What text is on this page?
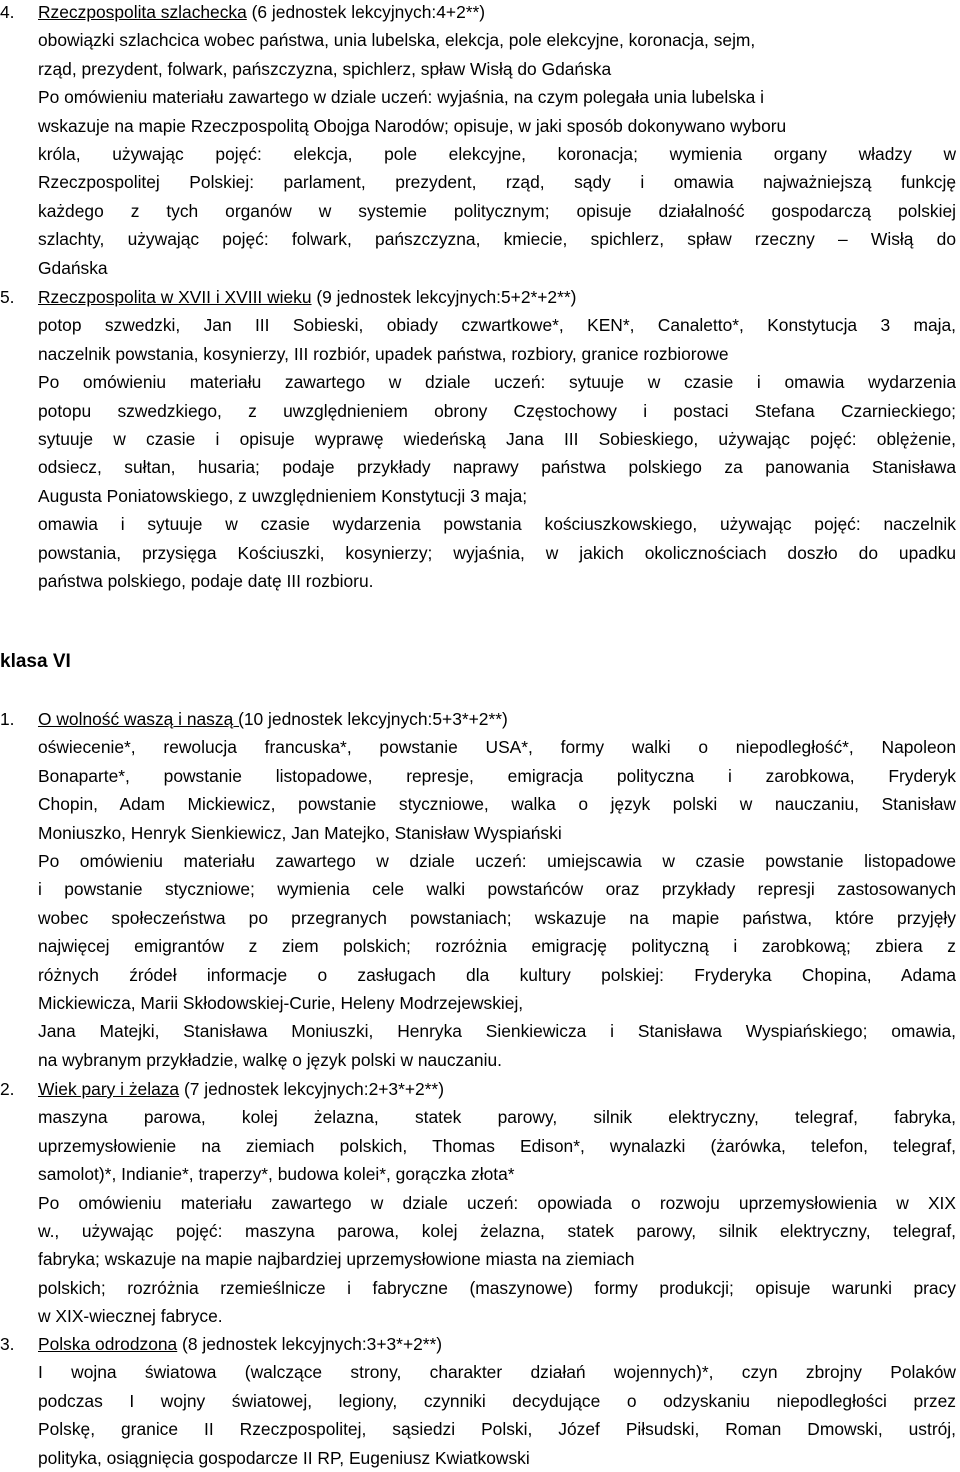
4. Rzeczpospolita szlachecka (6 jednostek lekcyjnych:4+2**)
obowiązki szlachcica wobec państwa, unia lubelska, elekcja, pole elekcyjne, koronacja, sejm,
rząd, prezydent, folwark, pańszczyzna, spichlerz, spław Wisłą do Gdańska
Po omówieniu materiału zawartego w dziale uczeń: wyjaśnia, na czym polegała unia lubelska i
wskazuje na mapie Rzeczpospolitą Obojga Narodów; opisuje, w jaki sposób dokonywano wyboru
króla, używając pojęć: elekcja, pole elekcyjne, koronacja; wymienia organy władzy w
Rzeczpospolitej Polskiej: parlament, prezydent, rząd, sądy i omawia najważniejszą funkcję
każdego z tych organów w systemie politycznym; opisuje działalność gospodarczą polskiej
szlachty, używając pojęć: folwark, pańszczyzna, kmiecie, spichlerz, spław rzeczny – Wisłą do
Gdańska
5. Rzeczpospolita w XVII i XVIII wieku (9 jednostek lekcyjnych:5+2*+2**)
potop szwedzki, Jan III Sobieski, obiady czwartkowe*, KEN*, Canaletto*, Konstytucja 3 maja,
naczelnik powstania, kosynierzy, III rozbiór, upadek państwa, rozbiory, granice rozbiorowe
Po omówieniu materiału zawartego w dziale uczeń: sytuuje w czasie i omawia wydarzenia
potopu szwedzkiego, z uwzględnieniem obrony Częstochowy i postaci Stefana Czarnieckiego;
sytuuje w czasie i opisuje wyprawę wiedeńską Jana III Sobieskiego, używając pojęć: oblężenie,
odsiecz, sułtan, husaria; podaje przykłady naprawy państwa polskiego za panowania Stanisława
Augusta Poniatowskiego, z uwzględnieniem Konstytucji 3 maja;
omawia i sytuuje w czasie wydarzenia powstania kościuszkowskiego, używając pojęć: naczelnik
powstania, przysięga Kościuszki, kosynierzy; wyjaśnia, w jakich okolicznościach doszło do upadku
państwa polskiego, podaje datę III rozbioru.
klasa VI
1. O wolność waszą i naszą (10 jednostek lekcyjnych:5+3*+2**)
oświecenie*, rewolucja francuska*, powstanie USA*, formy walki o niepodległość*, Napoleon
Bonaparte*, powstanie listopadowe, represje, emigracja polityczna i zarobkowa, Fryderyk
Chopin, Adam Mickiewicz, powstanie styczniowe, walka o język polski w nauczaniu, Stanisław
Moniuszko, Henryk Sienkiewicz, Jan Matejko, Stanisław Wyspiański
Po omówieniu materiału zawartego w dziale uczeń: umiejscawia w czasie powstanie listopadowe
i powstanie styczniowe; wymienia cele walki powstańców oraz przykłady represji zastosowanych
wobec społeczeństwa po przegranych powstaniach; wskazuje na mapie państwa, które przyjęły
najwięcej emigrantów z ziem polskich; rozróżnia emigrację polityczną i zarobkową; zbiera z
różnych źródeł informacje o zasługach dla kultury polskiej: Fryderyka Chopina, Adama
Mickiewicza, Marii Skłodowskiej-Curie, Heleny Modrzejewskiej,
Jana Matejki, Stanisława Moniuszki, Henryka Sienkiewicza i Stanisława Wyspiańskiego; omawia,
na wybranym przykładzie, walkę o język polski w nauczaniu.
2. Wiek pary i żelaza (7 jednostek lekcyjnych:2+3*+2**)
maszyna parowa, kolej żelazna, statek parowy, silnik elektryczny, telegraf, fabryka,
uprzemysłowienie na ziemiach polskich, Thomas Edison*, wynalazki (żarówka, telefon, telegraf,
samolot)*, Indianie*, traperzy*, budowa kolei*, gorączka złota*
Po omówieniu materiału zawartego w dziale uczeń: opowiada o rozwoju uprzemysłowienia w XIX
w., używając pojęć: maszyna parowa, kolej żelazna, statek parowy, silnik elektryczny, telegraf,
fabryka; wskazuje na mapie najbardziej uprzemysłowione miasta na ziemiach
polskich; rozróżnia rzemieślnicze i fabryczne (maszynowe) formy produkcji; opisuje warunki pracy
w XIX-wiecznej fabryce.
3. Polska odrodzona (8 jednostek lekcyjnych:3+3*+2**)
I wojna światowa (walczące strony, charakter działań wojennych)*, czyn zbrojny Polaków
podczas I wojny światowej, legiony, czynniki decydujące o odzyskaniu niepodległości przez
Polskę, granice II Rzeczpospolitej, sąsiedzi Polski, Józef Piłsudski, Roman Dmowski, ustrój,
polityka, osiągnięcia gospodarcze II RP, Eugeniusz Kwiatkowski
